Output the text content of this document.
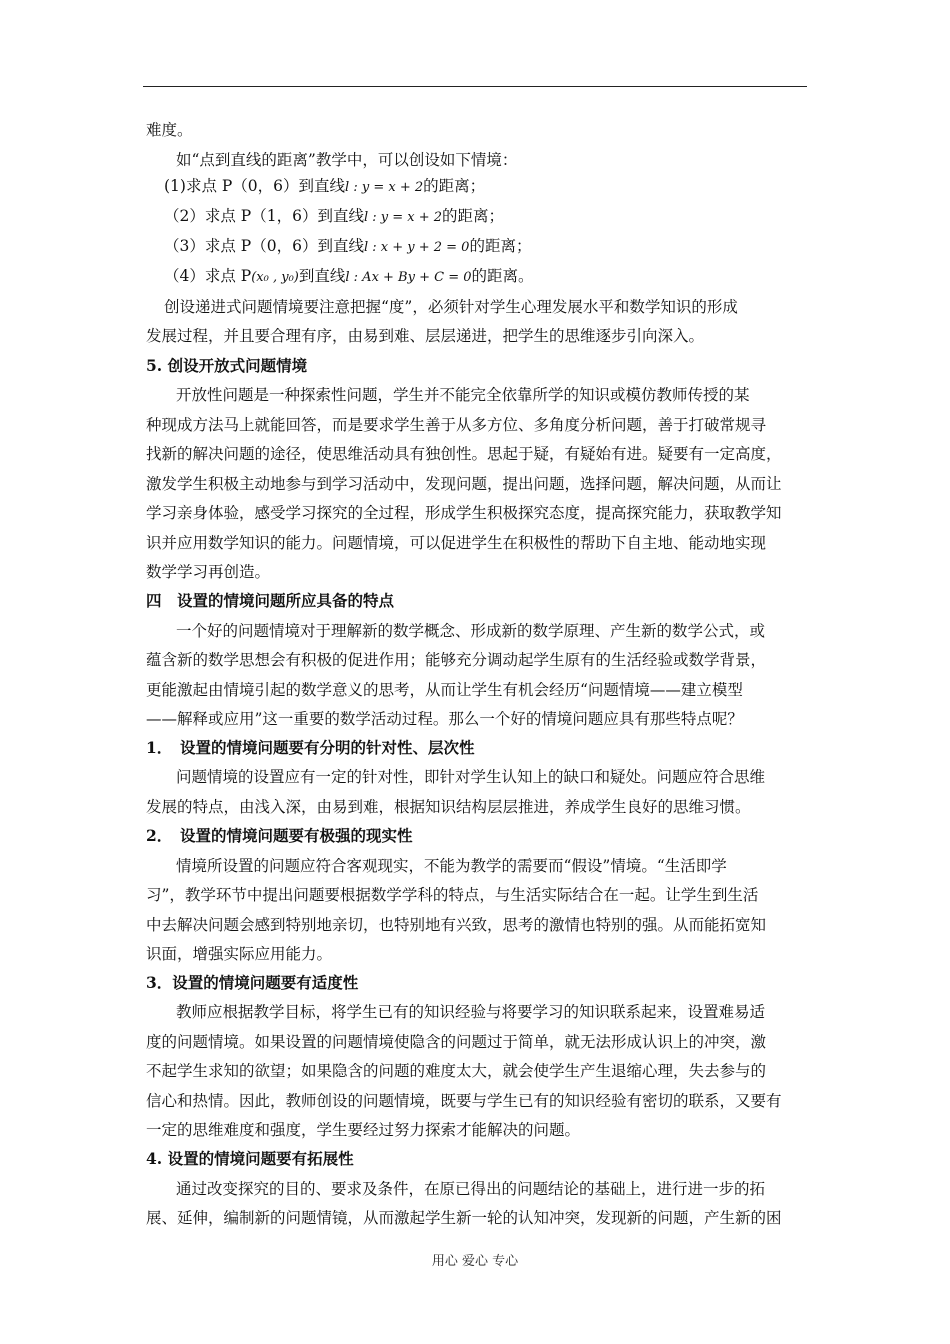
难度。
如“点到直线的距离”教学中，可以创设如下情境：
(1)求点 P（0，6）到直线l : y = x + 2的距离；
（2）求点 P（1，6）到直线l : y = x + 2的距离；
（3）求点 P（0，6）到直线l : x + y + 2 = 0的距离；
（4）求点 P(x₀ , y₀)到直线l : Ax + By + C = 0的距离。
创设递进式问题情境要注意把握“度”，必须针对学生心理发展水平和数学知识的形成
发展过程，并且要合理有序，由易到难、层层递进，把学生的思维逐步引向深入。
5. 创设开放式问题情境
开放性问题是一种探索性问题，学生并不能完全依靠所学的知识或模仿教师传授的某
种现成方法马上就能回答，而是要求学生善于从多方位、多角度分析问题，善于打破常规寻
找新的解决问题的途径，使思维活动具有独创性。思起于疑，有疑始有进。疑要有一定高度，
激发学生积极主动地参与到学习活动中，发现问题，提出问题，选择问题，解决问题，从而让
学习亲身体验，感受学习探究的全过程，形成学生积极探究态度，提高探究能力，获取教学知
识并应用数学知识的能力。问题情境，可以促进学生在积极性的帮助下自主地、能动地实现
数学学习再创造。
四　设置的情境问题所应具备的特点
一个好的问题情境对于理解新的数学概念、形成新的数学原理、产生新的数学公式，或
蕴含新的数学思想会有积极的促进作用；能够充分调动起学生原有的生活经验或数学背景，
更能激起由情境引起的数学意义的思考，从而让学生有机会经历“问题情境——建立模型
——解释或应用”这一重要的数学活动过程。那么一个好的情境问题应具有那些特点呢？
1．　设置的情境问题要有分明的针对性、层次性
问题情境的设置应有一定的针对性，即针对学生认知上的缺口和疑处。问题应符合思维
发展的特点，由浅入深，由易到难，根据知识结构层层推进，养成学生良好的思维习惯。
2．　设置的情境问题要有极强的现实性
情境所设置的问题应符合客观现实，不能为教学的需要而“假设”情境。“生活即学
习”，教学环节中提出问题要根据数学学科的特点，与生活实际结合在一起。让学生到生活
中去解决问题会感到特别地亲切，也特别地有兴致，思考的激情也特别的强。从而能拓宽知
识面，增强实际应用能力。
3．设置的情境问题要有适度性
教师应根据教学目标，将学生已有的知识经验与将要学习的知识联系起来，设置难易适
度的问题情境。如果设置的问题情境使隐含的问题过于简单，就无法形成认识上的冲突，激
不起学生求知的欲望；如果隐含的问题的难度太大，就会使学生产生退缩心理，失去参与的
信心和热情。因此，教师创设的问题情境，既要与学生已有的知识经验有密切的联系，又要有
一定的思维难度和强度，学生要经过努力探索才能解决的问题。
4. 设置的情境问题要有拓展性
通过改变探究的目的、要求及条件，在原已得出的问题结论的基础上，进行进一步的拓
展、延伸，编制新的问题情镜，从而激起学生新一轮的认知冲突，发现新的问题，产生新的困
用心 爱心 专心
